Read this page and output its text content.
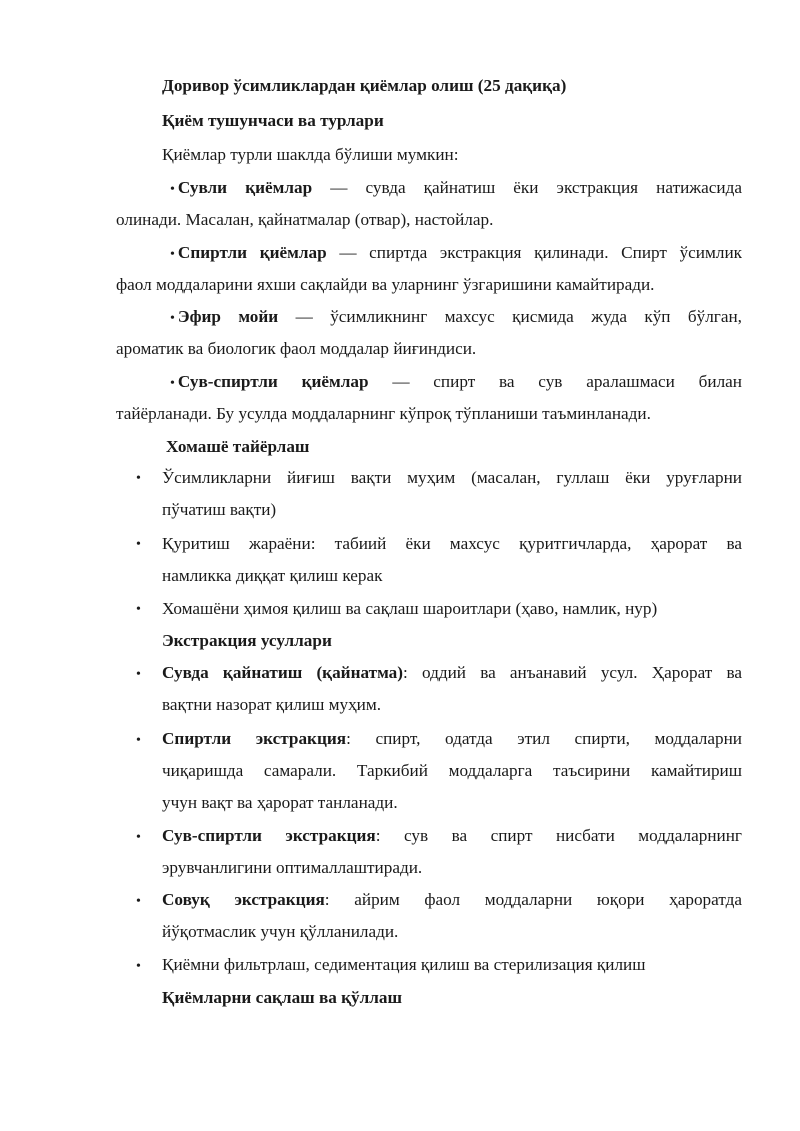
Доривор ўсимликлардан қиёмлар олиш (25 дақиқа)
Қиём тушунчаси ва турлари
Қиёмлар турли шаклда бўлиши мумкин:
• Сувли қиёмлар — сувда қайнатиш ёки экстракция натижасида
олинади. Масалан, қайнатмалар (отвар), настойлар.
• Спиртли қиёмлар — спиртда экстракция қилинади. Спирт ўсимлик
фаол моддаларини яхши сақлайди ва уларнинг ўзгаришини камайтиради.
• Эфир мойи — ўсимликнинг махсус қисмида жуда кўп бўлган,
ароматик ва биологик фаол моддалар йиғиндиси.
• Сув-спиртли қиёмлар — спирт ва сув аралашмаси билан
тайёрланади. Бу усулда моддаларнинг кўпроқ тўпланиши таъминланади.
Хомашё тайёрлаш
• Ўсимликларни йиғиш вақти муҳим (масалан, гуллаш ёки уруғларни
пўчатиш вақти)
• Қуритиш жараёни: табиий ёки махсус қуритгичларда, ҳарорат ва
намликка диққат қилиш керак
• Хомашёни ҳимоя қилиш ва сақлаш шароитлари (ҳаво, намлик, нур)
Экстракция усуллари
• Сувда қайнатиш (қайнатма): оддий ва анъанавий усул. Ҳарорат ва
вақтни назорат қилиш муҳим.
• Спиртли экстракция: спирт, одатда этил спирти, моддаларни
чиқаришда самарали. Таркибий моддаларга таъсирини камайтириш
учун вақт ва ҳарорат танланади.
• Сув-спиртли экстракция: сув ва спирт нисбати моддаларнинг
эрувчанлигини оптималлаштиради.
• Совуқ экстракция: айрим фаол моддаларни юқори ҳароратда
йўқотмаслик учун қўлланилади.
• Қиёмни фильтрлаш, седиментация қилиш ва стерилизация қилиш
Қиёмларни сақлаш ва қўллаш
